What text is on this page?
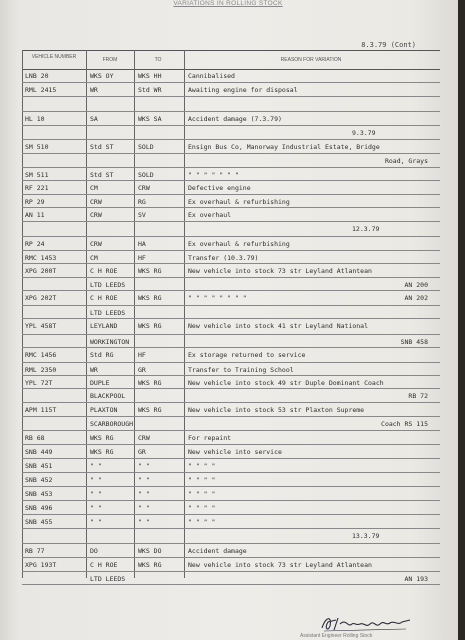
VARIATIONS IN ROLLING STOCK
8.3.79 (Cont)
VEHICLE NUMBER	FROM	TO	REASON FOR VARIATION
LNB 20	WKS OY	WKS HH	Cannibalised
RML 2415	WR	Std WR	Awaiting engine for disposal
HL 10	SA	WKS SA	Accident damage (7.3.79)
9.3.79
SM 510	Std ST	SOLD	Ensign Bus Co, Manorway Industrial Estate, Bridge
Road, Grays
SM 511	Std ST	SOLD	" " " " " " "
RF 221	CM	CRW	Defective engine
RP 29	CRW	RG	Ex overhaul & refurbishing
AN 11	CRW	SV	Ex overhaul
12.3.79
RP 24	CRW	HA	Ex overhaul & refurbishing
RMC 1453	CM	HF	Transfer (10.3.79)
XPG 200T	C H ROE	WKS RG	New vehicle into stock 73 str Leyland Atlantean
LTD LEEDS	AN 200
XPG 202T	C H ROE	WKS RG	" " " " " " " "	AN 202
LTD LEEDS
YPL 458T	LEYLAND	WKS RG	New vehicle into stock 41 str Leyland National
WORKINGTON	SNB 458
RMC 1456	Std RG	HF	Ex storage returned to service
RML 2350	WR	GR	Transfer to Training School
YPL 72T	DUPLE	WKS RG	New vehicle into stock 49 str Duple Dominant Coach
BLACKPOOL	RB 72
APM 115T	PLAXTON	WKS RG	New vehicle into stock 53 str Plaxton Supreme
SCARBOROUGH	Coach RS 115
RB 68	WKS RG	CRW	For repaint
SNB 449	WKS RG	GR	New vehicle into service
SNB 451	" "	" "	" " " "
SNB 452	" "	" "	" " " "
SNB 453	" "	" "	" " " "
SNB 496	" "	" "	" " " "
SNB 455	" "	" "	" " " "
13.3.79
RB 77	DO	WKS DO	Accident damage
XPG 193T	C H ROE	WKS RG	New vehicle into stock 73 str Leyland Atlantean
LTD LEEDS	AN 193
Assistant Engineer Rolling Stock
